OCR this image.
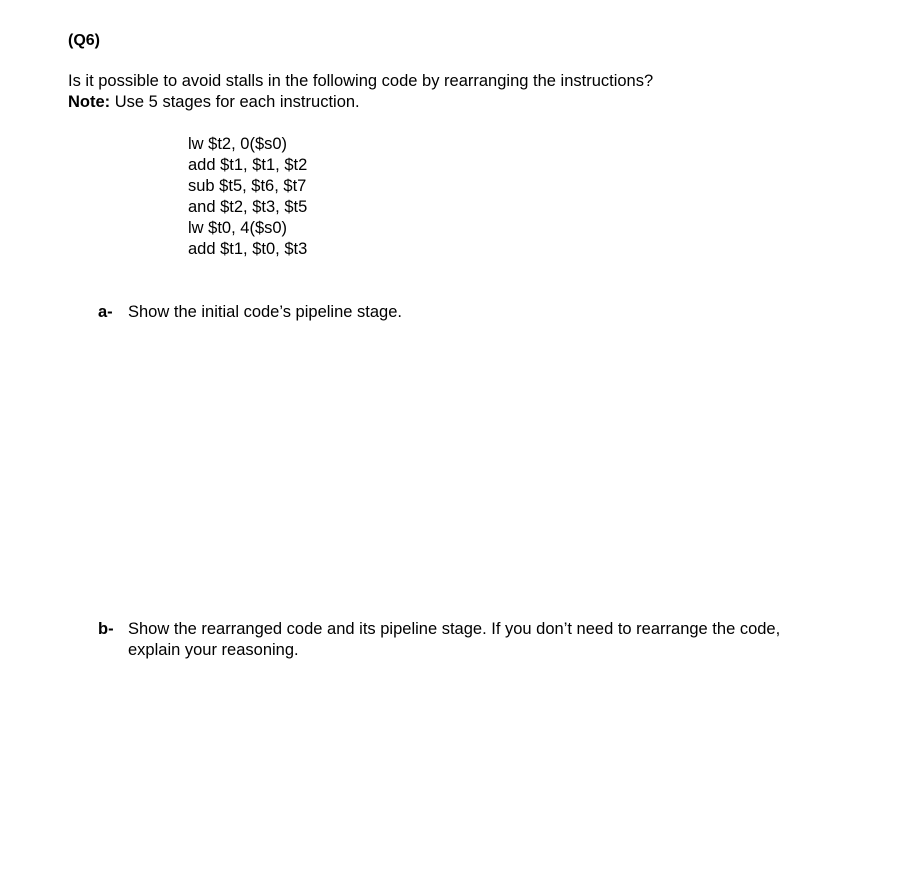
(Q6)
Is it possible to avoid stalls in the following code by rearranging the instructions?
Note: Use 5 stages for each instruction.
lw $t2, 0($s0)
add $t1, $t1, $t2
sub $t5, $t6, $t7
and $t2, $t3, $t5
lw $t0, 4($s0)
add $t1, $t0, $t3
a- Show the initial code’s pipeline stage.
b- Show the rearranged code and its pipeline stage. If you don’t need to rearrange the code,
explain your reasoning.
